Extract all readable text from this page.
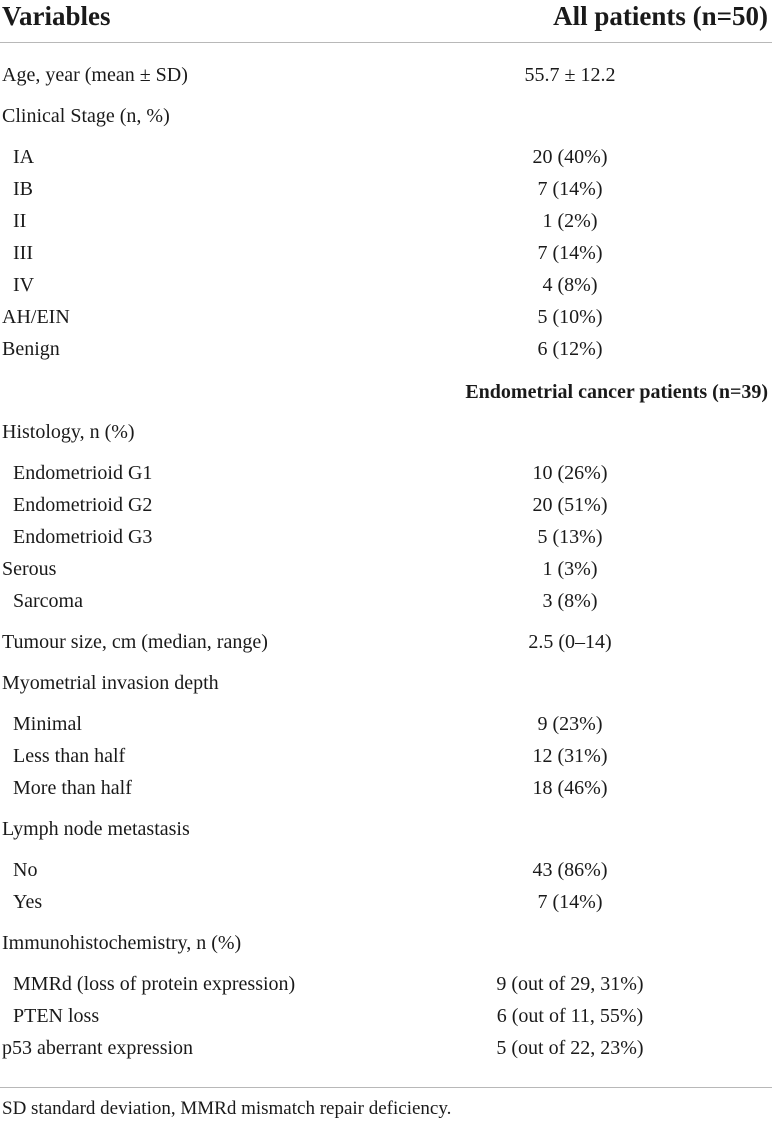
Variables	All patients (n=50)
Age, year (mean ± SD)	55.7 ± 12.2
Clinical Stage (n, %)
IA	20 (40%)
IB	7 (14%)
II	1 (2%)
III	7 (14%)
IV	4 (8%)
AH/EIN	5 (10%)
Benign	6 (12%)
Endometrial cancer patients (n=39)
Histology, n (%)
Endometrioid G1	10 (26%)
Endometrioid G2	20 (51%)
Endometrioid G3	5 (13%)
Serous	1 (3%)
Sarcoma	3 (8%)
Tumour size, cm (median, range)	2.5 (0–14)
Myometrial invasion depth
Minimal	9 (23%)
Less than half	12 (31%)
More than half	18 (46%)
Lymph node metastasis
No	43 (86%)
Yes	7 (14%)
Immunohistochemistry, n (%)
MMRd (loss of protein expression)	9 (out of 29, 31%)
PTEN loss	6 (out of 11, 55%)
p53 aberrant expression	5 (out of 22, 23%)
SD standard deviation, MMRd mismatch repair deficiency.
